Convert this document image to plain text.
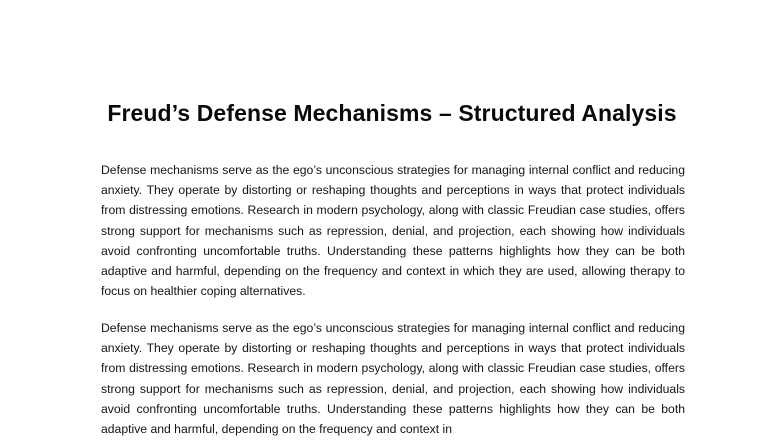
Freud’s Defense Mechanisms – Structured Analysis

Defense mechanisms serve as the ego’s unconscious strategies for managing internal conflict and reducing anxiety. They operate by distorting or reshaping thoughts and perceptions in ways that protect individuals from distressing emotions. Research in modern psychology, along with classic Freudian case studies, offers strong support for mechanisms such as repression, denial, and projection, each showing how individuals avoid confronting uncomfortable truths. Understanding these patterns highlights how they can be both adaptive and harmful, depending on the frequency and context in which they are used, allowing therapy to focus on healthier coping alternatives.

Defense mechanisms serve as the ego’s unconscious strategies for managing internal conflict and reducing anxiety. They operate by distorting or reshaping thoughts and perceptions in ways that protect individuals from distressing emotions. Research in modern psychology, along with classic Freudian case studies, offers strong support for mechanisms such as repression, denial, and projection, each showing how individuals avoid confronting uncomfortable truths. Understanding these patterns highlights how they can be both adaptive and harmful, depending on the frequency and context in
